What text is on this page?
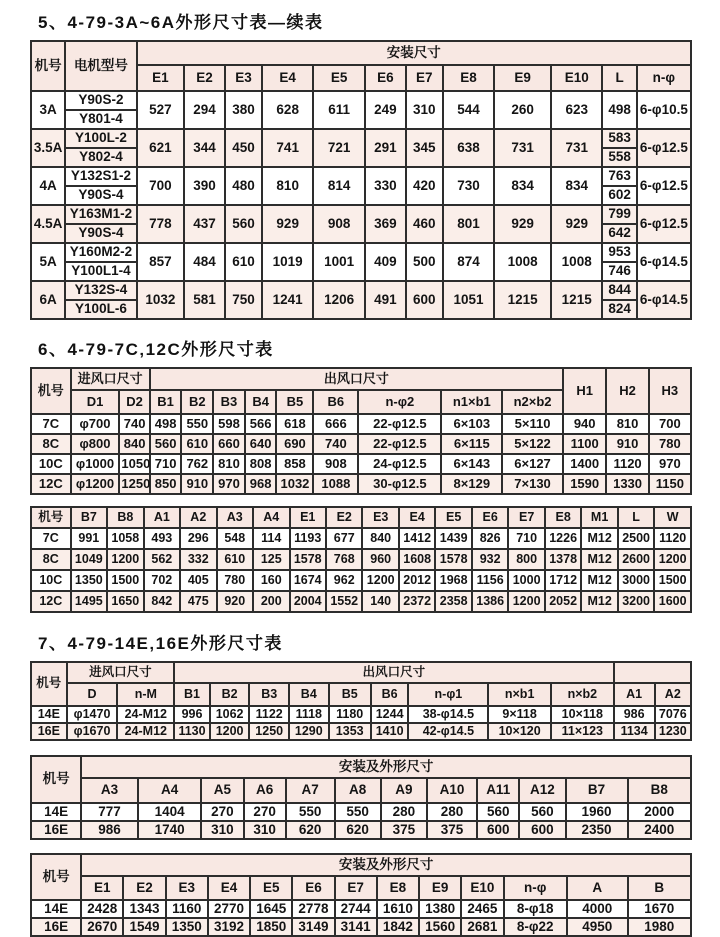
5、4-79-3A~6A外形尺寸表—续表
机号	电机型号	安装尺寸											
		E1	E2	E3	E4	E5	E6	E7	E8	E9	E10	L	n-φ
3A	Y90S-2	527	294	380	628	611	249	310	544	260	623	498	6-φ10.5
	Y801-4												
3.5A	Y100L-2	621	344	450	741	721	291	345	638	731	731	583	6-φ12.5
	Y802-4											558	
4A	Y132S1-2	700	390	480	810	814	330	420	730	834	834	763	6-φ12.5
	Y90S-4											602	
4.5A	Y163M1-2	778	437	560	929	908	369	460	801	929	929	799	6-φ12.5
	Y90S-4											642	
5A	Y160M2-2	857	484	610	1019	1001	409	500	874	1008	1008	953	6-φ14.5
	Y100L1-4											746	
6A	Y132S-4	1032	581	750	1241	1206	491	600	1051	1215	1215	844	6-φ14.5
	Y100L-6											824	
6、4-79-7C‚12C外形尺寸表
机号	进风口尺寸		出风口尺寸									H1	H2	H3
	D1	D2	B1	B2	B3	B4	B5	B6	n-φ2	n1×b1	n2×b2			
7C	φ700	740	498	550	598	566	618	666	22-φ12.5	6×103	5×110	940	810	700
8C	φ800	840	560	610	660	640	690	740	22-φ12.5	6×115	5×122	1100	910	780
10C	φ1000	1050	710	762	810	808	858	908	24-φ12.5	6×143	6×127	1400	1120	970
12C	φ1200	1250	850	910	970	968	1032	1088	30-φ12.5	8×129	7×130	1590	1330	1150
机号	B7	B8	A1	A2	A3	A4	E1	E2	E3	E4	E5	E6	E7	E8	M1	L	W
7C	991	1058	493	296	548	114	1193	677	840	1412	1439	826	710	1226	M12	2500	1120
8C	1049	1200	562	332	610	125	1578	768	960	1608	1578	932	800	1378	M12	2600	1200
10C	1350	1500	702	405	780	160	1674	962	1200	2012	1968	1156	1000	1712	M12	3000	1500
12C	1495	1650	842	475	920	200	2004	1552	140	2372	2358	1386	1200	2052	M12	3200	1600
7、4-79-14E‚16E外形尺寸表
机号	进风口尺寸		出风口尺寸										
	D	n-M	B1	B2	B3	B4	B5	B6	n-φ1	n×b1	n×b2	A1	A2
14E	φ1470	24-M12	996	1062	1122	1118	1180	1244	38-φ14.5	9×118	10×118	986	7076
16E	φ1670	24-M12	1130	1200	1250	1290	1353	1410	42-φ14.5	10×120	11×123	1134	1230
机号	安装及外形尺寸											
	A3	A4	A5	A6	A7	A8	A9	A10	A11	A12	B7	B8
14E	777	1404	270	270	550	550	280	280	560	560	1960	2000
16E	986	1740	310	310	620	620	375	375	600	600	2350	2400
机号	安装及外形尺寸												
	E1	E2	E3	E4	E5	E6	E7	E8	E9	E10	n-φ	A	B
14E	2428	1343	1160	2770	1645	2778	2744	1610	1380	2465	8-φ18	4000	1670
16E	2670	1549	1350	3192	1850	3149	3141	1842	1560	2681	8-φ22	4950	1980
